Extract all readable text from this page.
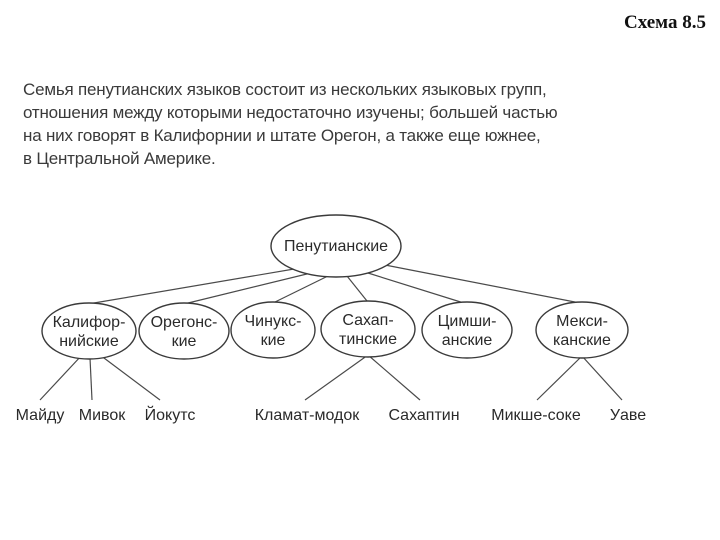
Схема 8.5
Семья пенутианских языков состоит из нескольких языковых групп,
отношения между которыми недостаточно изучены; большей частью
на них говорят в Калифорнии и штате Орегон, а также еще южнее,
в Центральной Америке.
Пенутианские
Калифор-
нийские
Орегонс-
кие
Чинукс-
кие
Сахап-
тинские
Цимши-
анские
Мекси-
канские
Майду Мивок Йокутс	Кламат-модок Сахаптин Микше-соке Уаве
